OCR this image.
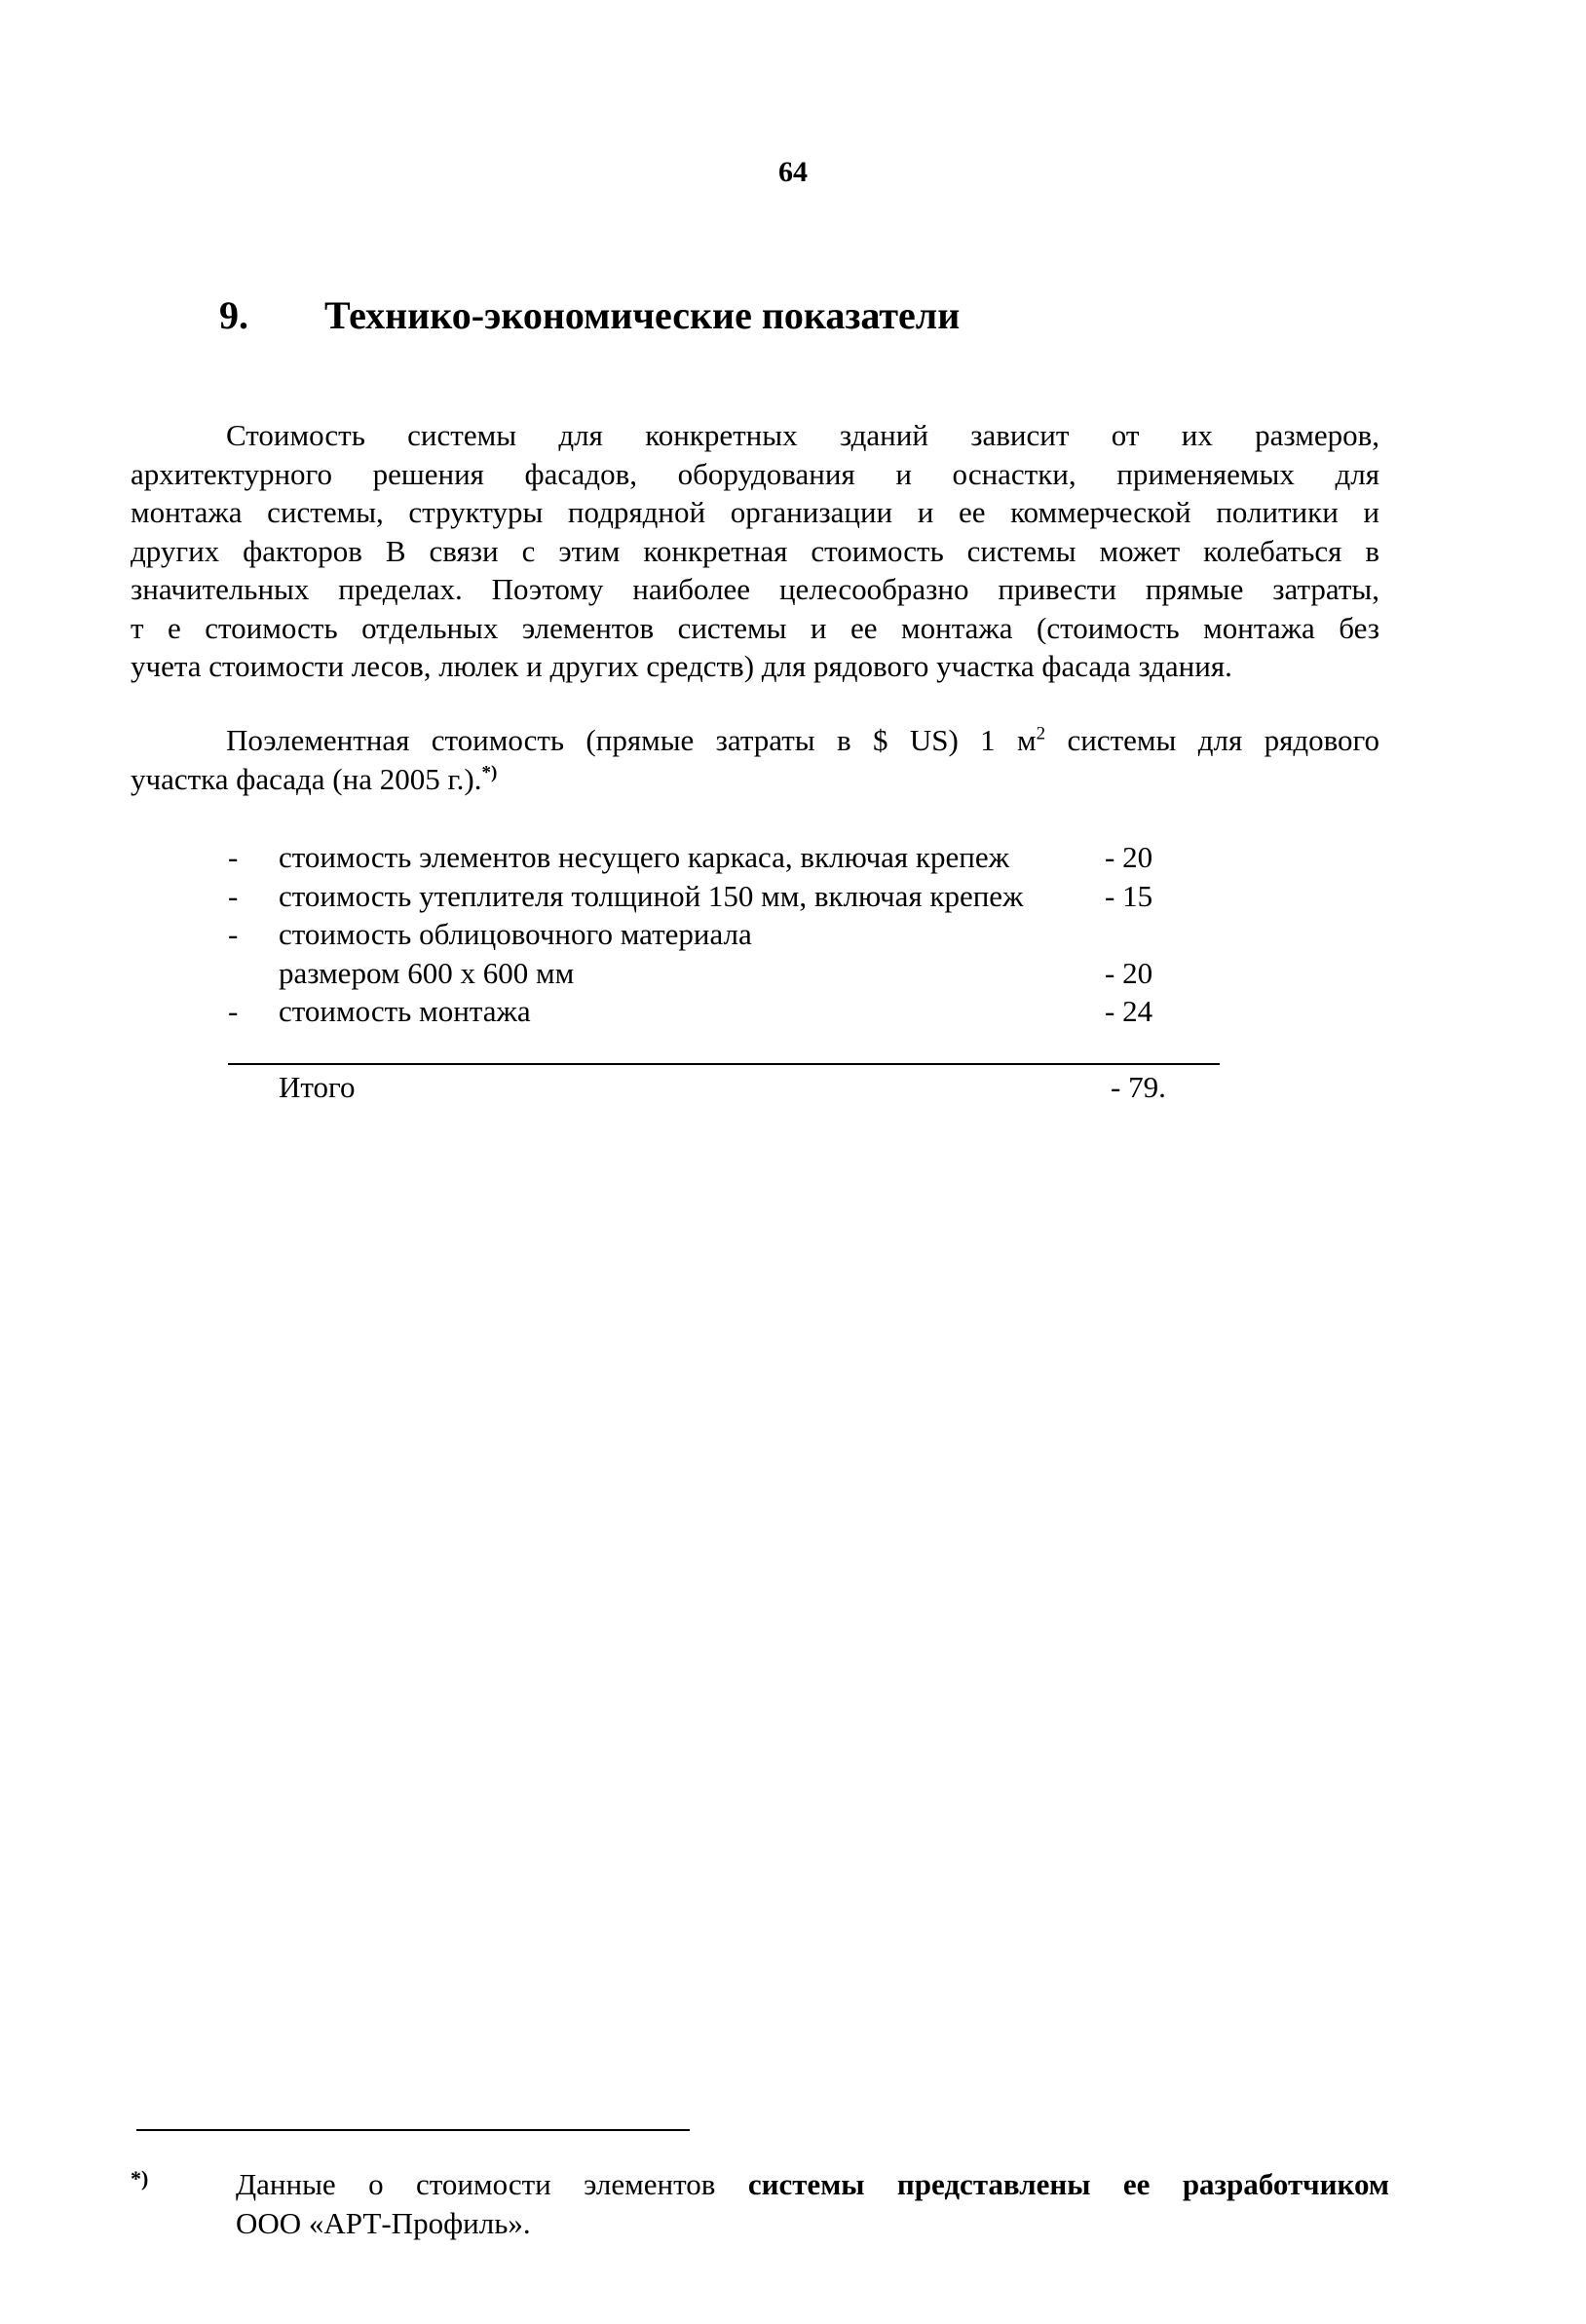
64
9. Технико-экономические показатели
Стоимость системы для конкретных зданий зависит от их размеров,
архитектурного решения фасадов, оборудования и оснастки, применяемых для
монтажа системы, структуры подрядной организации и ее коммерческой политики и
других факторов В связи с этим конкретная стоимость системы может колебаться в
значительных пределах. Поэтому наиболее целесообразно привести прямые затраты,
т е стоимость отдельных элементов системы и ее монтажа (стоимость монтажа без
учета стоимости лесов, люлек и других средств) для рядового участка фасада здания.
Поэлементная стоимость (прямые затраты в $ US) 1 $м^2$ системы для рядового
участка фасада (на 2005 г.).*)
- стоимость элементов несущего каркаса, включая крепеж	- 20
- стоимость утеплителя толщиной 150 мм, включая крепеж	- 15
- стоимость облицовочного материала
размером 600 х 600 мм	- 20
- стоимость монтажа	- 24
Итого	- 79.
*)	Данные о стоимости элементов системы представлены ее разработчиком
ООО «АРТ-Профиль».
